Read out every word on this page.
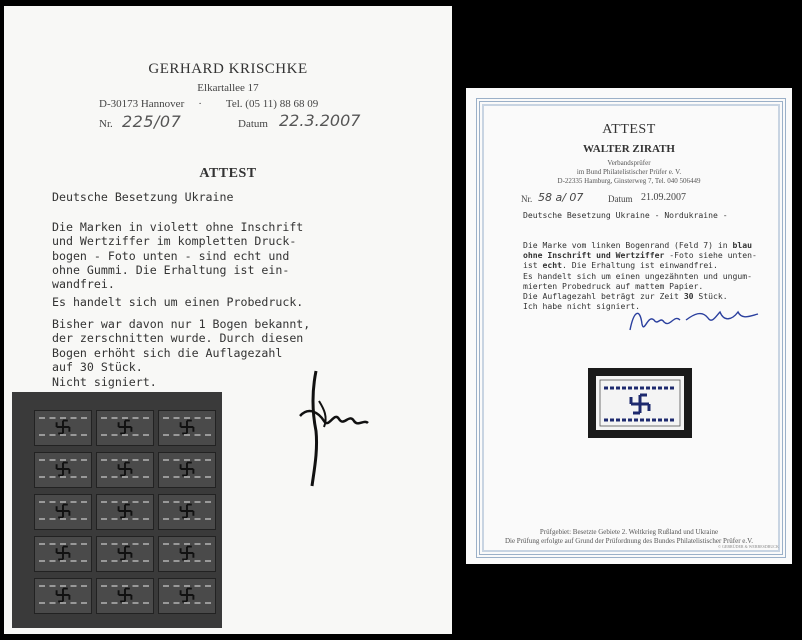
GERHARD KRISCHKE
Elkartallee 17
D-30173 Hannover · Tel. (05 11) 88 68 09
Nr. 225/07	Datum 22.3.2007
ATTEST
Deutsche Besetzung Ukraine
Die Marken in violett ohne Inschrift
und Wertziffer im kompletten Druck-
bogen - Foto unten - sind echt und
ohne Gummi. Die Erhaltung ist ein-
wandfrei.
Es handelt sich um einen Probedruck.
Bisher war davon nur 1 Bogen bekannt,
der zerschnitten wurde. Durch diesen
Bogen erhöht sich die Auflagezahl
auf 30 Stück.
Nicht signiert.
ATTEST
WALTER ZIRATH
Verbandsprüfer
im Bund Philatelistischer Prüfer e. V.
D-22335 Hamburg, Ginsterweg 7, Tel. 040 506449
Nr. 58 a/ 07	Datum 21.09.2007
Deutsche Besetzung Ukraine - Nordukraine -
Die Marke vom linken Bogenrand (Feld 7) in blau
ohne Inschrift und Wertziffer -Foto siehe unten-
ist echt. Die Erhaltung ist einwandfrei.
Es handelt sich um einen ungezähnten und ungum-
mierten Probedruck auf mattem Papier.
Die Auflagezahl beträgt zur Zeit 30 Stück.
Ich habe nicht signiert.
Prüfgebiet: Besetzte Gebiete 2. Weltkrieg Rußland und Ukraine
Die Prüfung erfolgte auf Grund der Prüfordnung des Bundes Philatelistischer Prüfer e.V.
© GEBRÜDER & WERBESDRUCK
